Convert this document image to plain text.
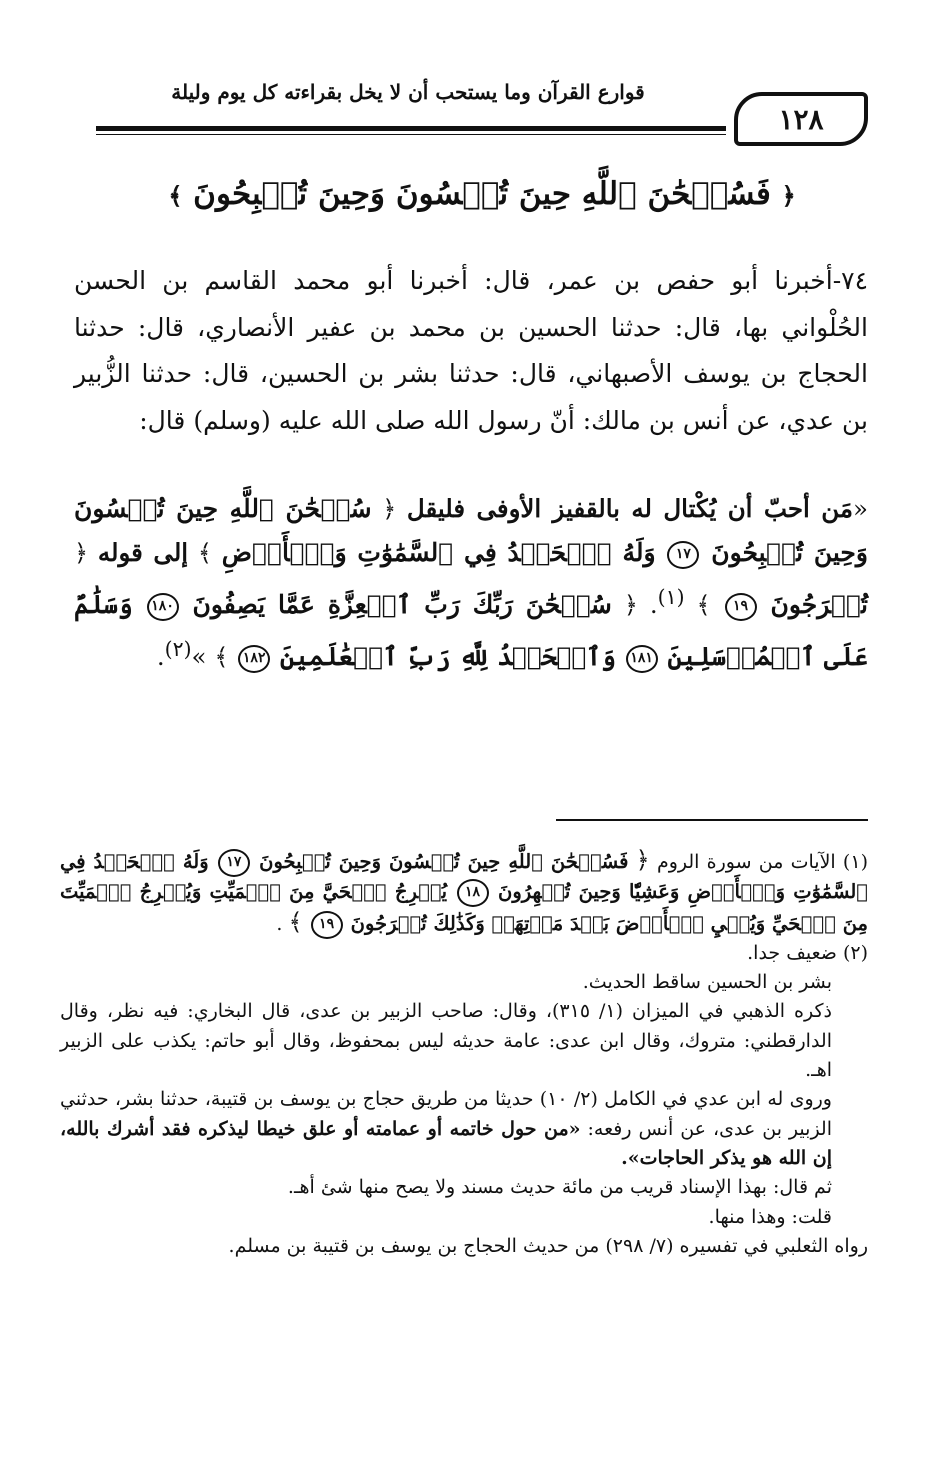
قوارع القرآن وما يستحب أن لا يخل بقراءته كل يوم وليلة
١٢٨
﴿ فَسُبۡحَٰنَ ٱللَّهِ حِينَ تُمۡسُونَ وَحِينَ تُصۡبِحُونَ ﴾
٧٤-أخبرنا أبو حفص بن عمر، قال: أخبرنا أبو محمد القاسم بن الحسن الحُلْواني بها، قال: حدثنا الحسين بن محمد بن عفير الأنصاري، قال: حدثنا الحجاج بن يوسف الأصبهاني، قال: حدثنا بشر بن الحسين، قال: حدثنا الزُّبير بن عدي، عن أنس بن مالك: أنّ رسول الله صلى الله عليه (وسلم) قال:
«مَن أحبّ أن يُكْتال له بالقفيز الأوفى فليقل ﴿ سُبۡحَٰنَ ٱللَّهِ حِينَ تُمۡسُونَ وَحِينَ تُصۡبِحُونَ ١٧ وَلَهُ ٱلۡحَمۡدُ فِي ٱلسَّمَٰوَٰتِ وَٱلۡأَرۡضِ ﴾ إلى قوله ﴿ تُخۡرَجُونَ ١٩ ﴾ $^{(١)}$. ﴿ سُبۡحَٰنَ رَبِّكَ رَبِّ ٱلۡعِزَّةِ عَمَّا يَصِفُونَ ١٨٠ وَسَلَٰمٌ عَلَى ٱلۡمُرۡسَلِينَ ١٨١ وَٱلۡحَمۡدُ لِلَّهِ رَبِّ ٱلۡعَٰلَمِينَ ١٨٢ ﴾ »$^{(٢)}$.

(١) الآيات من سورة الروم ﴿ فَسُبۡحَٰنَ ٱللَّهِ حِينَ تُمۡسُونَ وَحِينَ تُصۡبِحُونَ ١٧ وَلَهُ ٱلۡحَمۡدُ فِي ٱلسَّمَٰوَٰتِ وَٱلۡأَرۡضِ وَعَشِيّٗا وَحِينَ تُظۡهِرُونَ ١٨ يُخۡرِجُ ٱلۡحَيَّ مِنَ ٱلۡمَيِّتِ وَيُخۡرِجُ ٱلۡمَيِّتَ مِنَ ٱلۡحَيِّ وَيُحۡيِ ٱلۡأَرۡضَ بَعۡدَ مَوۡتِهَاۚ وَكَذَٰلِكَ تُخۡرَجُونَ ١٩ ﴾ .

(٢) ضعيف جدا.

بشر بن الحسين ساقط الحديث.

ذكره الذهبي في الميزان (١/ ٣١٥)، وقال: صاحب الزبير بن عدى، قال البخاري: فيه نظر، وقال الدارقطني: متروك، وقال ابن عدى: عامة حديثه ليس بمحفوظ، وقال أبو حاتم: يكذب على الزبير اهـ.

وروى له ابن عدي في الكامل (٢/ ١٠) حديثا من طريق حجاج بن يوسف بن قتيبة، حدثنا بشر، حدثني الزبير بن عدى، عن أنس رفعه: «من حول خاتمه أو عمامته أو علق خيطا ليذكره فقد أشرك بالله، إن الله هو يذكر الحاجات».

ثم قال: بهذا الإسناد قريب من مائة حديث مسند ولا يصح منها شئ أهـ.

قلت: وهذا منها.

رواه الثعلبي في تفسيره (٧/ ٢٩٨) من حديث الحجاج بن يوسف بن قتيبة بن مسلم.
